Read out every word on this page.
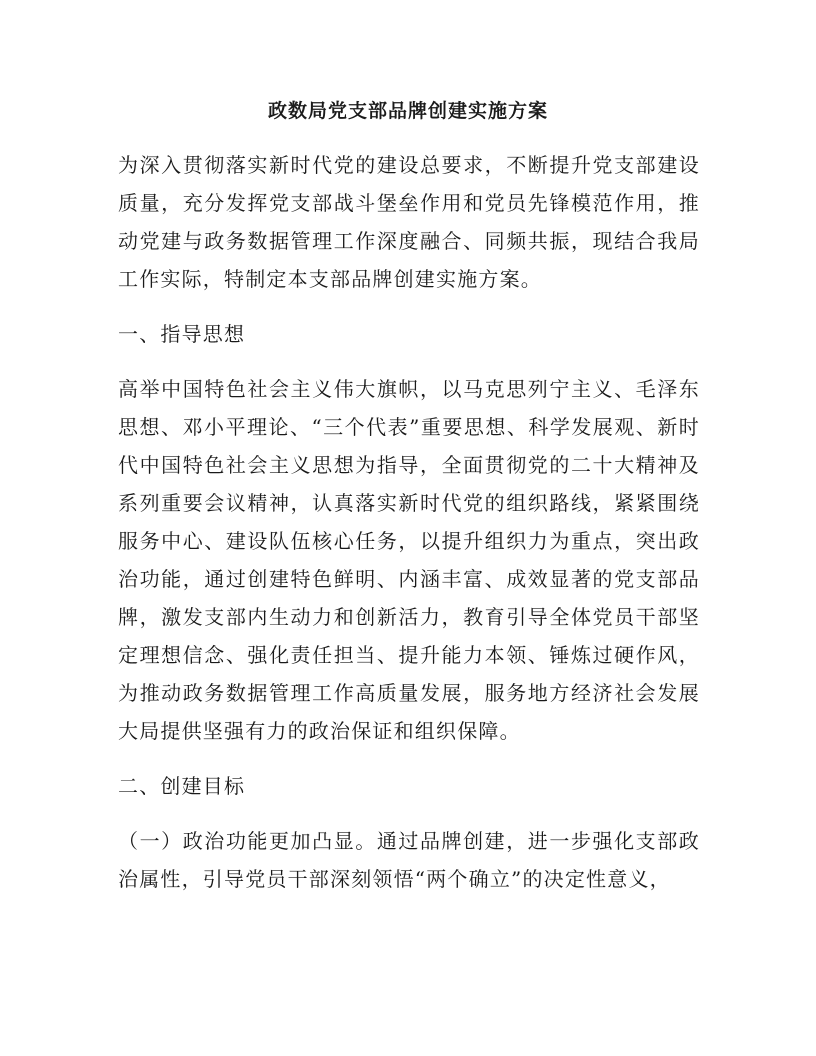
政数局党支部品牌创建实施方案

为深入贯彻落实新时代党的建设总要求，不断提升党支部建设质量，充分发挥党支部战斗堡垒作用和党员先锋模范作用，推动党建与政务数据管理工作深度融合、同频共振，现结合我局工作实际，特制定本支部品牌创建实施方案。

一、指导思想

高举中国特色社会主义伟大旗帜，以马克思列宁主义、毛泽东思想、邓小平理论、“三个代表”重要思想、科学发展观、新时代中国特色社会主义思想为指导，全面贯彻党的二十大精神及系列重要会议精神，认真落实新时代党的组织路线，紧紧围绕服务中心、建设队伍核心任务，以提升组织力为重点，突出政治功能，通过创建特色鲜明、内涵丰富、成效显著的党支部品牌，激发支部内生动力和创新活力，教育引导全体党员干部坚定理想信念、强化责任担当、提升能力本领、锤炼过硬作风，为推动政务数据管理工作高质量发展，服务地方经济社会发展大局提供坚强有力的政治保证和组织保障。

二、创建目标

（一）政治功能更加凸显。通过品牌创建，进一步强化支部政治属性，引导党员干部深刻领悟“两个确立”的决定性意义，
